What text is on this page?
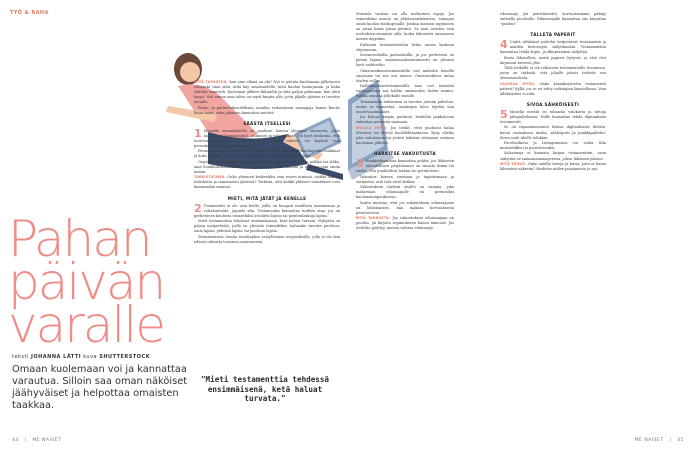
TYÖ & RAHA
Pahan
päivän
varalle
teksti JOHANNA LÄTTI kuva SHUTTERSTOCK
Omaan kuolemaan voi ja kannattaa varautua. Silloin saa oman näköiset jäähyväiset ja helpottaa omaisten taakkaa.

MITÄ TAPAHTUU, kun oma elämä on ohi? Nyt ei puhuta kuolemaan jälkeisestä elämästä vaan siitä, mitä käy omaisuudelle, mitä kuuluu hautajaisiin, ja kuka välittää somestili. Kuoleman jälkeen liikuteltä ja siitä paljon puhutaan, kun ehtii kysyä. Sitä ennen oma tahto on syytä kirjata ylös, jotta jäljelle jäävien ei tarvitse arvailla.

Perhe- ja perintöoikeudellisiin asioihin erikoistunut asianajaja hanna Ruoho listaa asiat, jotka jokaisen kannattaa miettiä.

SÄÄSTÄ ITSELLESI

1 Moniella suomalaisella on puolison hanssa yhteinen talousetsi, josta maksetaan kaupaslaskut, asumisen ja vakuutukset. On hyvä tiedostaa, että tuoreen kuolleena yhteisellä tilillä olevat rahavat voi käyttää vain perunkirjoituksen maksamiseen.

Perunkirjoituksen jälkeen tilit voivat käyttää vain kaikki kuolinpesän osakkaat ja koko yhdessä, tai he voivat valtuuttaa jonkun käyttämään tiliä.

Ongelma välttääksesi on puoisoji tallettaa omaa tulot, kuten palkka tai eläke, aina henkilökohtaiselle tilille. Samoin aina tulee säästää ja sijoittaa vain omiin nimiin.

TARKISTATAMA: Onko yhteinen keskeeklisi vain toisen nimissä, vaikka sitä on tuloskettu ja rannsmiotu yhdessä? Tarkista, että kaikki yhteiset omistukset ovat kummankin nimissä.

MIETI, MITÄ JÄTÄT JA KENELLE

2 Testamentti ei ole vain heille, joilla on huojasti muullista mammonaa ja valtakuntalitä, jujumle alta. Testamentin kannattaa harkita aina, jos on perheeseen kuuluvia esimerkiksi avioliitto lapsia tai pientenlaskuja lapsia.

Mieti testamenttia tehdessä ensimmäisenä, ketä haluat turvata. Nykyään on paljon uusperheitä, joilla on yhteisiä esimerkiksi, haluaako turvata puolisoa, omia lapsia, yhteisiä lapsia vai puolison lapsia.

Testamentissa Sirahn rusuttaakse avioyhteinen avopuolisolle, jolla ei ole lain edessä oikeutta toisensa omaisuuteen.

"Mieti testamenttia tehdessä ensimmäisenä, ketä haluat turvata."
44   |   ME NAISET

Muistele vanhaa voi olla melkoinen sopija. Jos esimerkiksi asunto on yhteisomistuksessa, vainajan oman kuolon kuolinpesälle. Jonkaa asumon myyminen on aivan keino jakaa perintö. Se taas omistus vain avoleskien asumista adla, koska lakomista uusannosa menee myyntiin.

Erilaisiin testamentteihin liviko annaa karkean ohjenuoran.

Suvunvanhoilla patriarkoilla, ja jos perheessä on pieniä lapsia, omistussaskastatamentti on yleensä hyvä vaihtoehto.

Omistusoikeustestamentilla voit määrätä kenelle omaisuus tai sen osa menee. Omistusoikeus antaa täyden vallan.

Hallintaoikeustestamentilla taas voit määrätä vastaanottaja saa hallita omaisuutta, kuten asunto, vaikka omistaa jollekulle muulle.

Testamentin tekeminen ei tarvitse juristin palvelua, mutta se kannattaa. Asiakirjan tulee täyttää lain muotovaatimukset.

Jos haluaa kirjata perintöä, henkilöä pakkoloona vaikuttaa perinnön saamaan.

MUISTA MYÖS: Jos tiedät, ettei puolisosi halua Murtwor tai Mirväl huolehdittaakseen. Kysy, olisiko joku sukulainen tai ystävä halukas ottamaan vastuun kuoleman jälkeen.

HARKITSE VAKUUTUSTA

3 Henkivakuutusta kannattaa pohtia, jos lähiesten taloudellinen pärjääminen on sinusta kiinni tai riedät, että puolisollesi laskuu iso perintövero.

Vakuutus korvaa surmaan ja tapaturmaan ja varmistaa, että tuet eivät katkea.

Vakuutuksen tärkein sisältö on summa, joka maksetaan edunsaajalle tai perinnöksi kuolemantapauksessa.

Srahn muistaa, että jos vakuutuksen edunsaajana on lähiomaisen, hän maksaa korvauksesta perintöveron.

MITÄ TARKASTA: Joo vakuutuksen edunsaajana on puoliso, jäi kirjoita sopimukseen hänen nimensä. Jos avoliitto päättyy, muista vaihtaa edunsaaja.

edunsaaja jää päivittämättä, korvaussumma päätyy entiselle puolisolle. Edunsaajalle kannattaa siis kirjoittaa "puoliso".

TALLETA PAPERIT

4 Uudet sähköiset palvelut helpottavat testamentin ja muiden tiedostojen säilyttämistä. Testamentista kannattaa tehdä kopio, ja alkuperäinen säilyttää.

Kerro läheisillesi, mistä paperit löytyvät, ja että olet kirjannut toiveesi ylös.

Tällä hetkellä ei ole rekisteriä testamenteille Suomessa, joten on tärkeää, että jäljelle jäävät tietävät sen olemassaolosta.

HUOMAA MYÖS: Onko käsinkirjoitettu testamentti pätevä? Kyllä, jos se on tehty todistajien läsnäollessa. Vain allekirjoitus ei riitä.

SIVOA SÄHKÖISESTI

5 Monella meistä on tuhansia valokuvia ja tietoja pilvipalveluissa. Niille kannattaa tehdä digitaalinen testamentti.

Se on vapaamuotoinen listaus digitaalisista tileistä, kuten sosiaalinen media, sähköposti ja pankkipalvelut. Kerro mitä tileille tehdään.

Facebookissa ja Instagramissa voi valita tilin muistotiliksi tai poistettavaksi.

Salasanoja ei kannata kirjata testamenttiin, vaan säilyttää ne salasanamanagerissa, johon läheinen pääsee.

MITÄ TEHDÄ: Onko sinulla tietoja ja kuvia, joita et halua läheistesi näkevän? Harkitse niiden poistamista jo nyt.

ME NAISET   |   45
